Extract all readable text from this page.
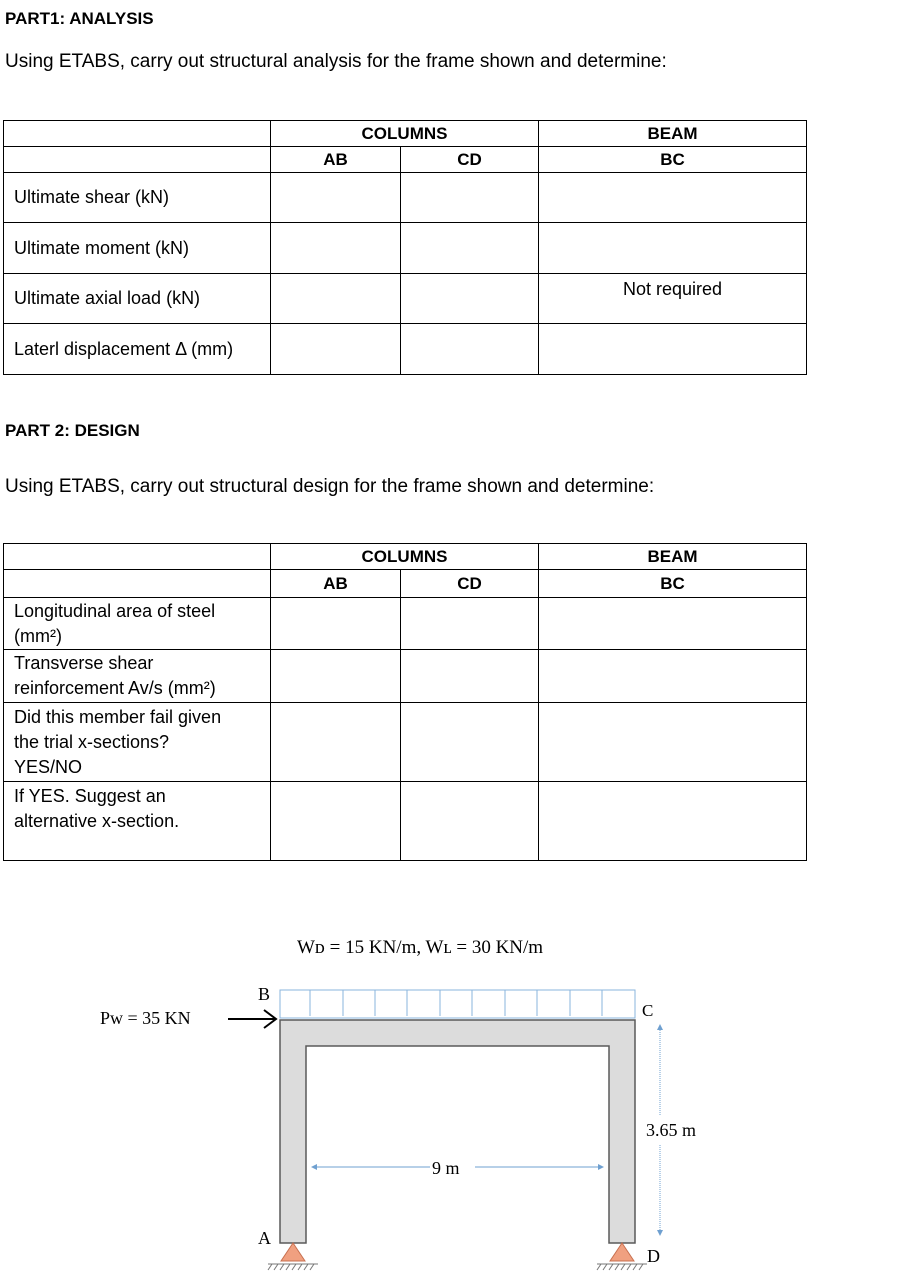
PART1: ANALYSIS
Using ETABS, carry out structural analysis for the frame shown and determine:
	COLUMNS		BEAM
	AB	CD	BC
Ultimate shear (kN)			
Ultimate moment (kN)			
Ultimate axial load (kN)			Not required
Laterl displacement Δ (mm)			
PART 2: DESIGN
Using ETABS, carry out structural design for the frame shown and determine:
	COLUMNS		BEAM
	AB	CD	BC

Longitudinal area of steel
(mm²)			

Transverse shear
reinforcement Av/s (mm²)			

Did this member fail given
the trial x-sections?
YES/NO			

If YES. Suggest an
alternative x-section.			

Wᴅ = 15 KN/m, Wʟ = 30 KN/m
Pw = 35 KN
B
C
A
D
9 m
3.65 m
